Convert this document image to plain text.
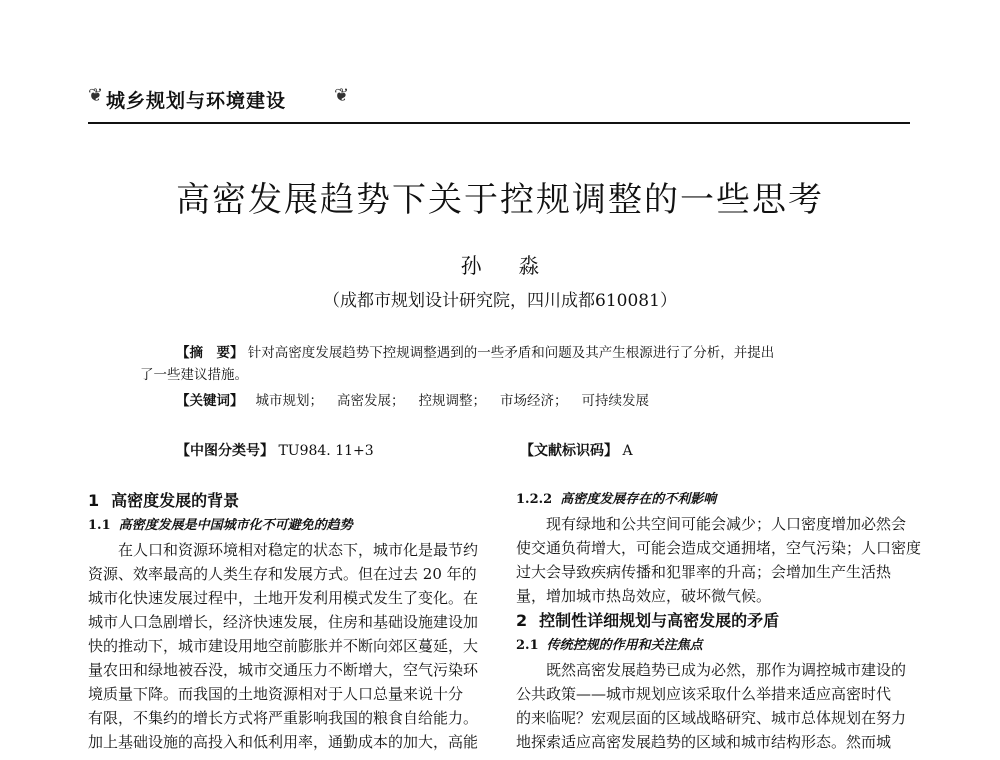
❦ 城乡规划与环境建设	❦
高密发展趋势下关于控规调整的一些思考
孙 淼
（成都市规划设计研究院，四川成都610081）
【摘　要】 针对高密度发展趋势下控规调整遇到的一些矛盾和问题及其产生根源进行了分析，并提出
了一些建议措施。
【关键词】 城市规划； 高密发展； 控规调整； 市场经济； 可持续发展
【中图分类号】 TU984. 11+3	【文献标识码】 A
1 高密度发展的背景
1.1 高密度发展是中国城市化不可避免的趋势
在人口和资源环境相对稳定的状态下，城市化是最节约
资源、效率最高的人类生存和发展方式。但在过去 20 年的
城市化快速发展过程中，土地开发利用模式发生了变化。在
城市人口急剧增长，经济快速发展，住房和基础设施建设加
快的推动下，城市建设用地空前膨胀并不断向郊区蔓延，大
量农田和绿地被吞没，城市交通压力不断增大，空气污染环
境质量下降。而我国的土地资源相对于人口总量来说十分
有限，不集约的增长方式将严重影响我国的粮食自给能力。
加上基础设施的高投入和低利用率，通勤成本的加大，高能
1.2.2 高密度发展存在的不利影响
现有绿地和公共空间可能会减少；人口密度增加必然会
使交通负荷增大，可能会造成交通拥堵，空气污染；人口密度
过大会导致疾病传播和犯罪率的升高；会增加生产生活热
量，增加城市热岛效应，破坏微气候。
2 控制性详细规划与高密发展的矛盾
2.1 传统控规的作用和关注焦点
既然高密发展趋势已成为必然，那作为调控城市建设的
公共政策——城市规划应该采取什么举措来适应高密时代
的来临呢？宏观层面的区域战略研究、城市总体规划在努力
地探索适应高密发展趋势的区域和城市结构形态。然而城
